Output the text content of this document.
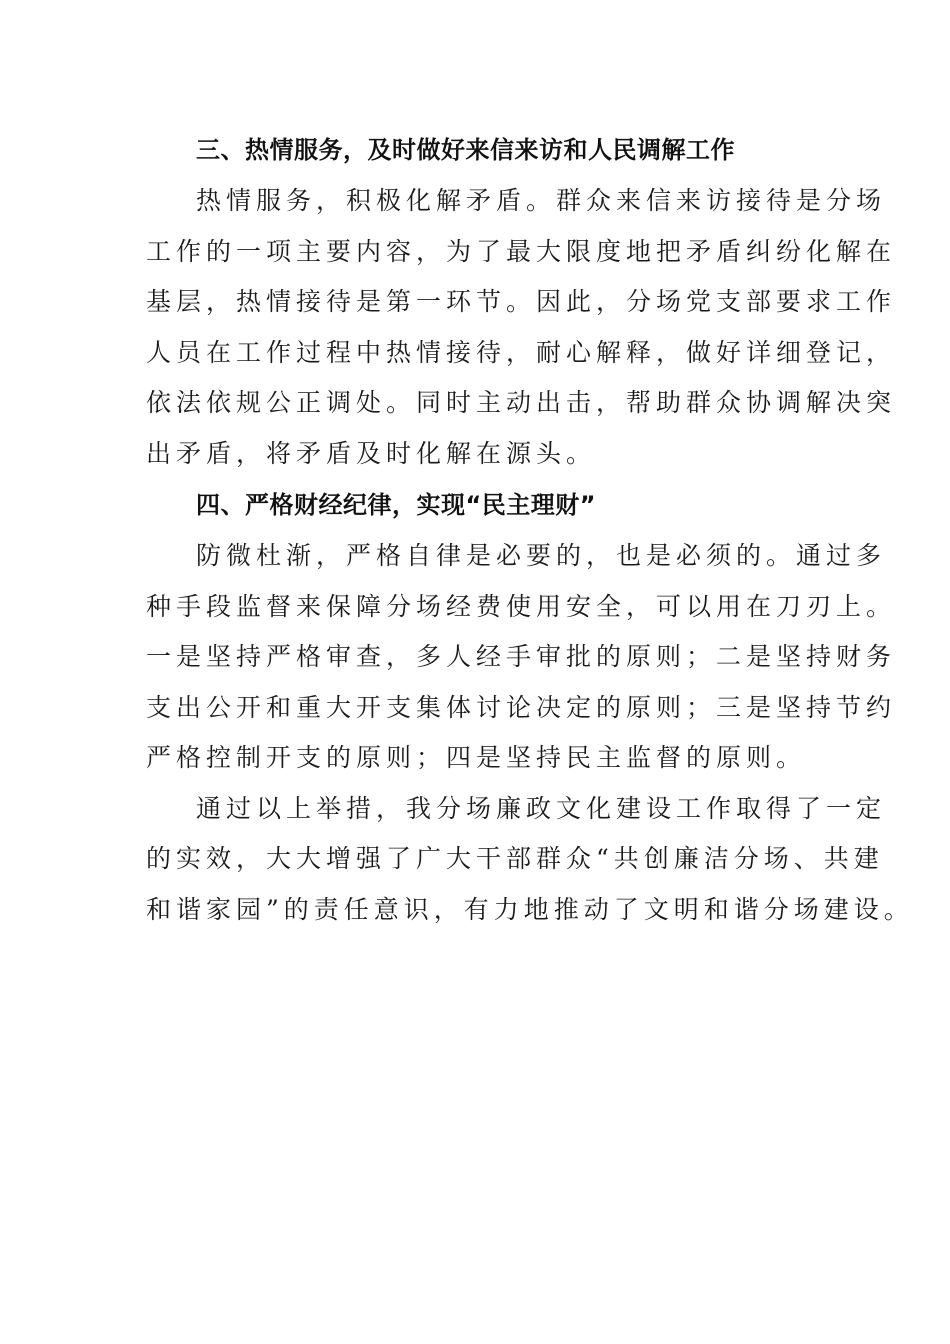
三、热情服务，及时做好来信来访和人民调解工作

热情服务，积极化解矛盾。群众来信来访接待是分场
工作的一项主要内容，为了最大限度地把矛盾纠纷化解在
基层，热情接待是第一环节。因此，分场党支部要求工作
人员在工作过程中热情接待，耐心解释，做好详细登记，
依法依规公正调处。同时主动出击，帮助群众协调解决突
出矛盾，将矛盾及时化解在源头。

四、严格财经纪律，实现“民主理财”

防微杜渐，严格自律是必要的，也是必须的。通过多
种手段监督来保障分场经费使用安全，可以用在刀刃上。
一是坚持严格审查，多人经手审批的原则；二是坚持财务
支出公开和重大开支集体讨论决定的原则；三是坚持节约
严格控制开支的原则；四是坚持民主监督的原则。

通过以上举措，我分场廉政文化建设工作取得了一定
的实效，大大增强了广大干部群众“共创廉洁分场、共建
和谐家园”的责任意识，有力地推动了文明和谐分场建设。
